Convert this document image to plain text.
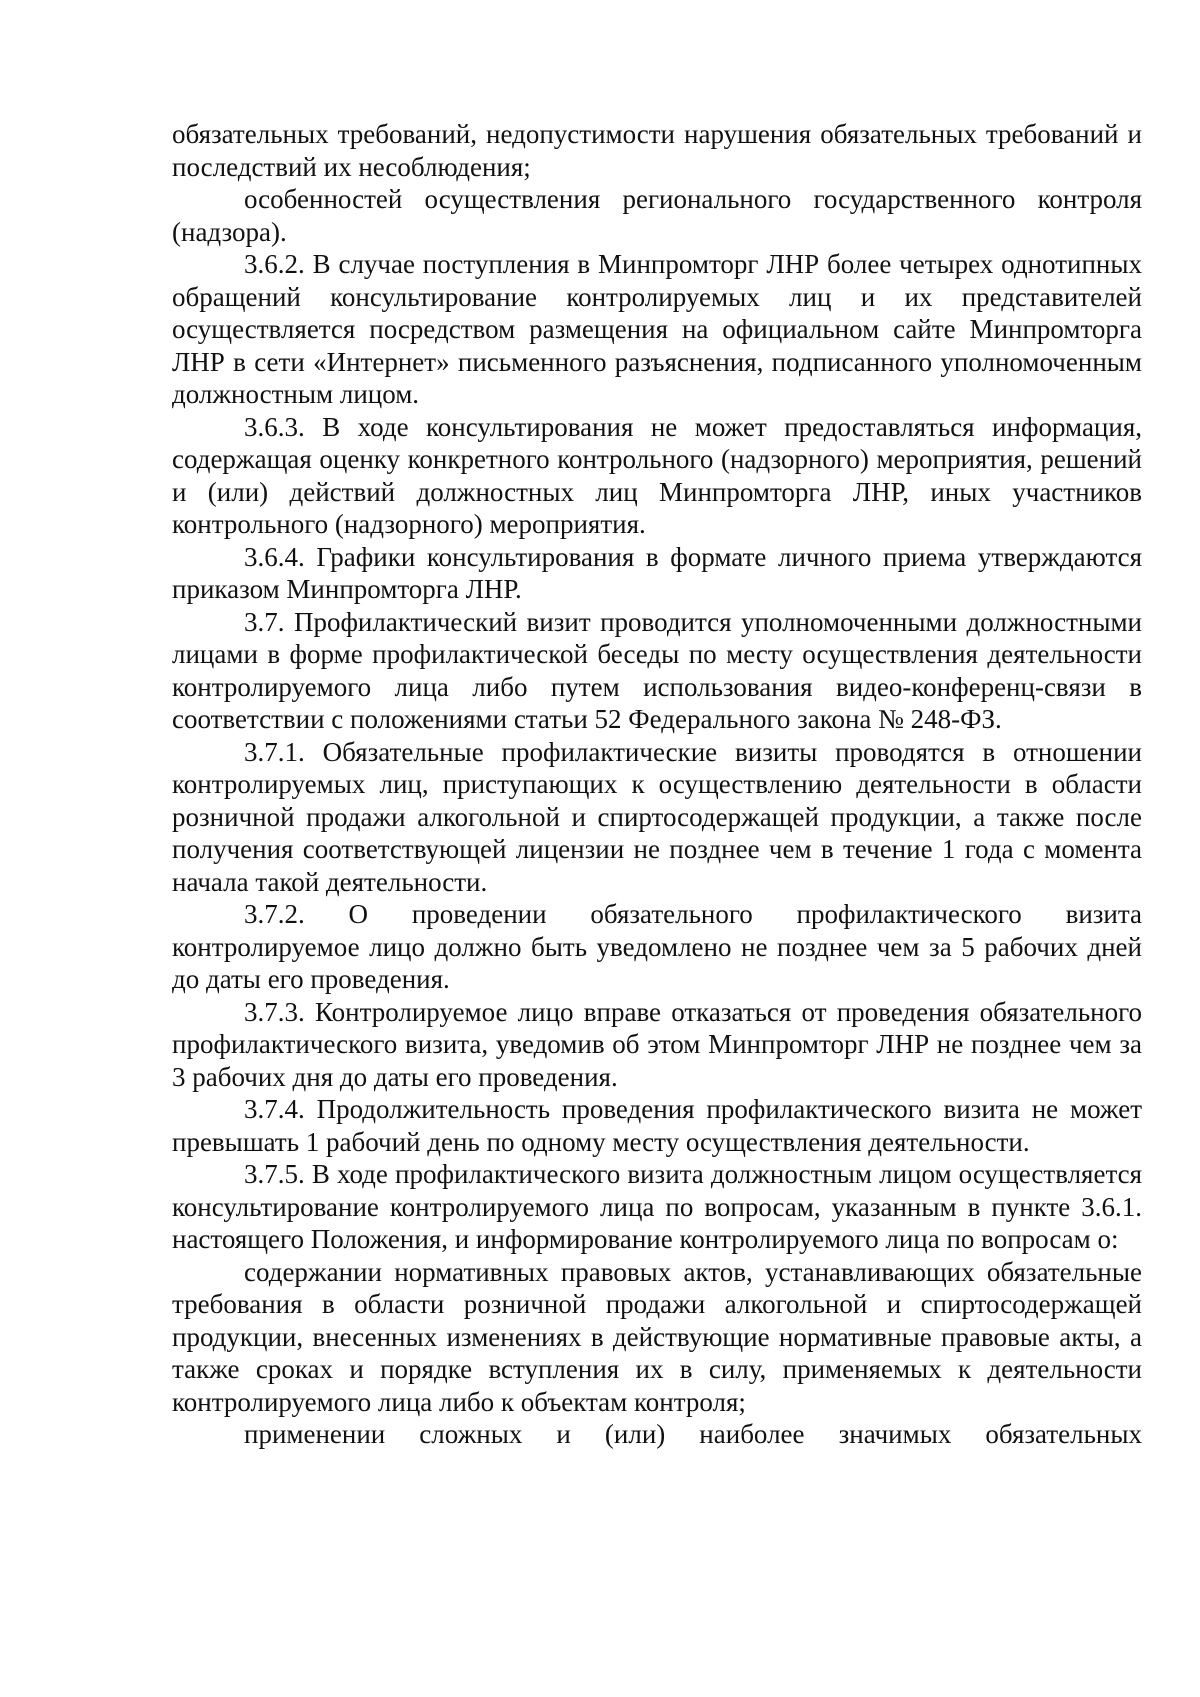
обязательных требований, недопустимости нарушения обязательных требований и последствий их несоблюдения;

особенностей осуществления регионального государственного контроля (надзора).

3.6.2. В случае поступления в Минпромторг ЛНР более четырех однотипных обращений консультирование контролируемых лиц и их представителей осуществляется посредством размещения на официальном сайте Минпромторга ЛНР в сети «Интернет» письменного разъяснения, подписанного уполномоченным должностным лицом.

3.6.3. В ходе консультирования не может предоставляться информация, содержащая оценку конкретного контрольного (надзорного) мероприятия, решений и (или) действий должностных лиц Минпромторга ЛНР, иных участников контрольного (надзорного) мероприятия.

3.6.4. Графики консультирования в формате личного приема утверждаются приказом Минпромторга ЛНР.

3.7. Профилактический визит проводится уполномоченными должностными лицами в форме профилактической беседы по месту осуществления деятельности контролируемого лица либо путем использования видео-конференц-связи в соответствии с положениями статьи 52 Федерального закона № 248-ФЗ.

3.7.1. Обязательные профилактические визиты проводятся в отношении контролируемых лиц, приступающих к осуществлению деятельности в области розничной продажи алкогольной и спиртосодержащей продукции, а также после получения соответствующей лицензии не позднее чем в течение 1 года с момента начала такой деятельности.

3.7.2. О проведении обязательного профилактического визита контролируемое лицо должно быть уведомлено не позднее чем за 5 рабочих дней до даты его проведения.

3.7.3. Контролируемое лицо вправе отказаться от проведения обязательного профилактического визита, уведомив об этом Минпромторг ЛНР не позднее чем за 3 рабочих дня до даты его проведения.

3.7.4. Продолжительность проведения профилактического визита не может превышать 1 рабочий день по одному месту осуществления деятельности.

3.7.5. В ходе профилактического визита должностным лицом осуществляется консультирование контролируемого лица по вопросам, указанным в пункте 3.6.1. настоящего Положения, и информирование контролируемого лица по вопросам о:

содержании нормативных правовых актов, устанавливающих обязательные требования в области розничной продажи алкогольной и спиртосодержащей продукции, внесенных изменениях в действующие нормативные правовые акты, а также сроках и порядке вступления их в силу, применяемых к деятельности контролируемого лица либо к объектам контроля;

применении сложных и (или) наиболее значимых обязательных
